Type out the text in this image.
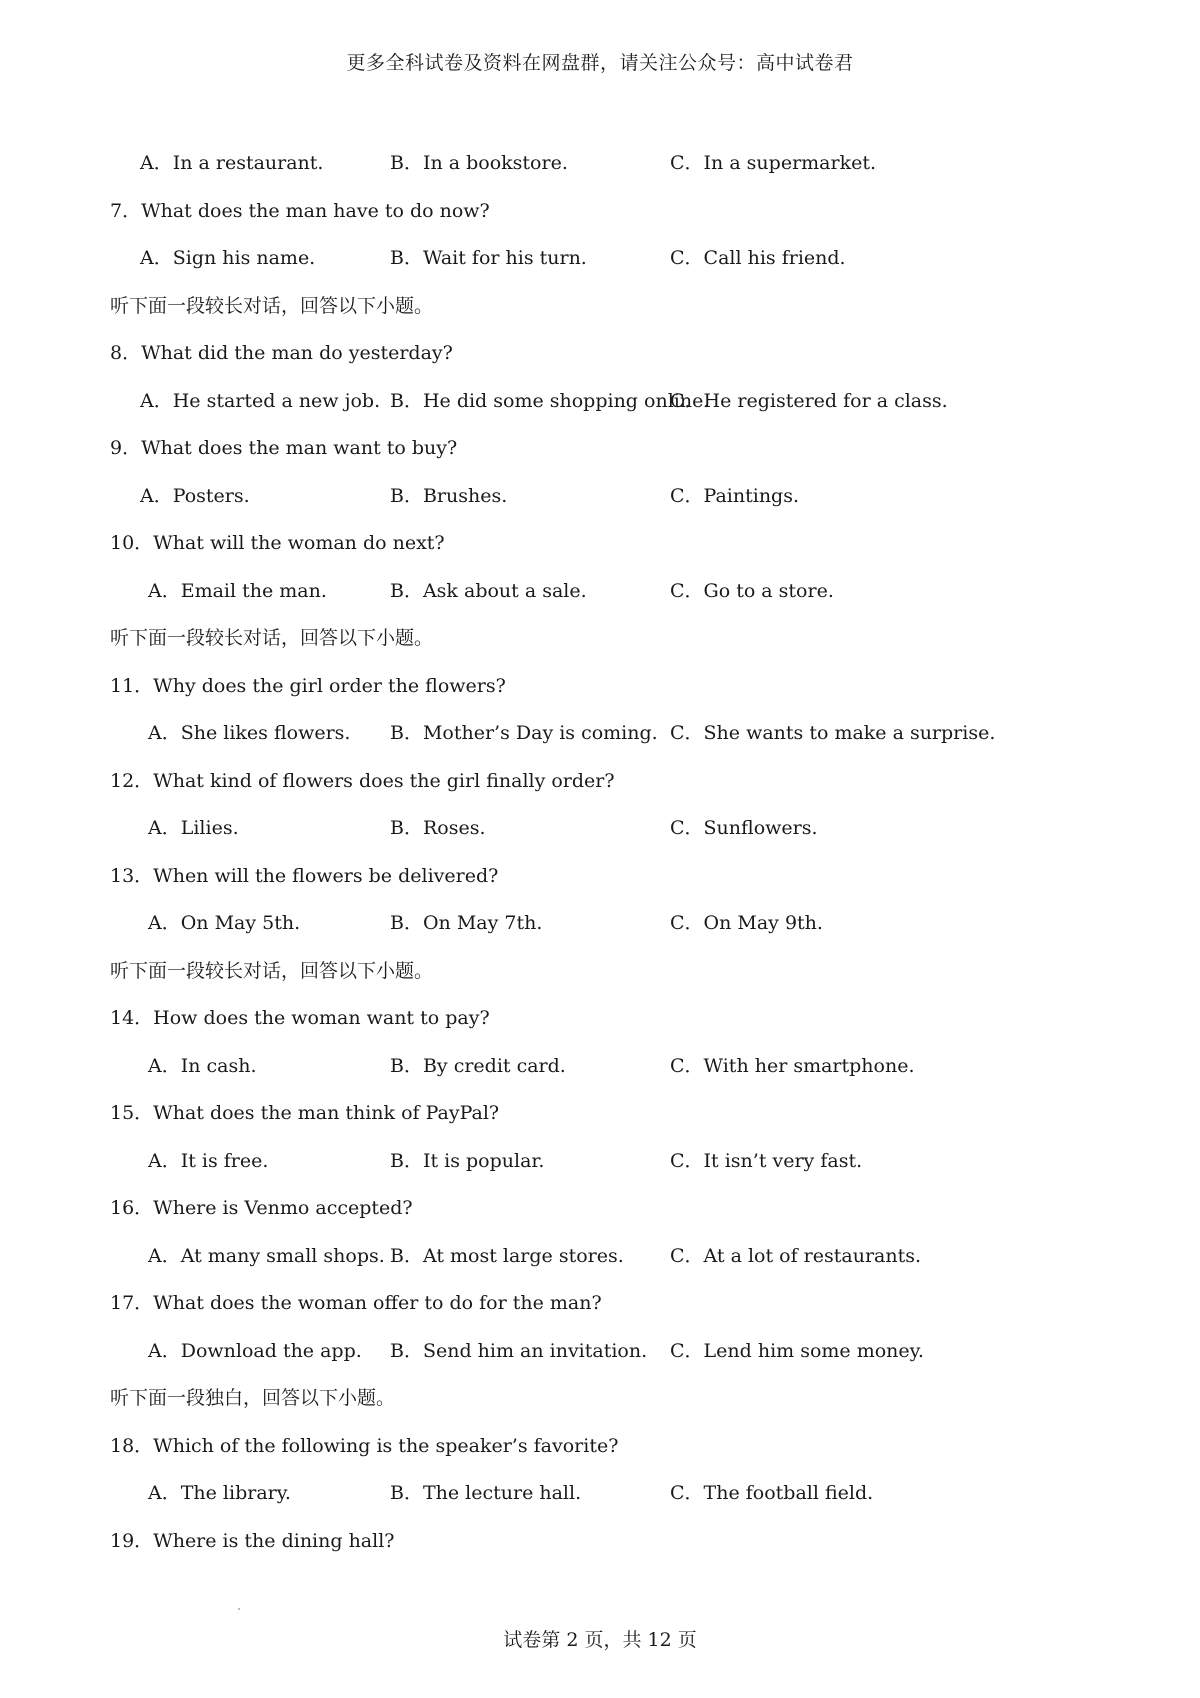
更多全科试卷及资料在网盘群，请关注公众号：高中试卷君
A．In a restaurant.	B．In a bookstore.	C．In a supermarket.
7．What does the man have to do now?
A．Sign his name.	B．Wait for his turn.	C．Call his friend.
听下面一段较长对话，回答以下小题。
8．What did the man do yesterday?
A．He started a new job. B．He did some shopping online.
C．He registered for a class.
9．What does the man want to buy?
A．Posters.	B．Brushes.	C．Paintings.
10．What will the woman do next?
A．Email the man.	B．Ask about a sale.	C．Go to a store.
听下面一段较长对话，回答以下小题。
11．Why does the girl order the flowers?
A．She likes flowers. B．Mother’s Day is coming. C．She wants to make a surprise.
12．What kind of flowers does the girl finally order?
A．Lilies.	B．Roses.	C．Sunflowers.
13．When will the flowers be delivered?
A．On May 5th.	B．On May 7th.	C．On May 9th.
听下面一段较长对话，回答以下小题。
14．How does the woman want to pay?
A．In cash.	B．By credit card.	C．With her smartphone.
15．What does the man think of PayPal?
A．It is free.	B．It is popular.	C．It isn’t very fast.
16．Where is Venmo accepted?
A．At many small shops. B．At most large stores. C．At a lot of restaurants.
17．What does the woman offer to do for the man?
A．Download the app. B．Send him an invitation. C．Lend him some money.
听下面一段独白，回答以下小题。
18．Which of the following is the speaker’s favorite?
A．The library.	B．The lecture hall.	C．The football field.
19．Where is the dining hall?
试卷第 2 页，共 12 页
